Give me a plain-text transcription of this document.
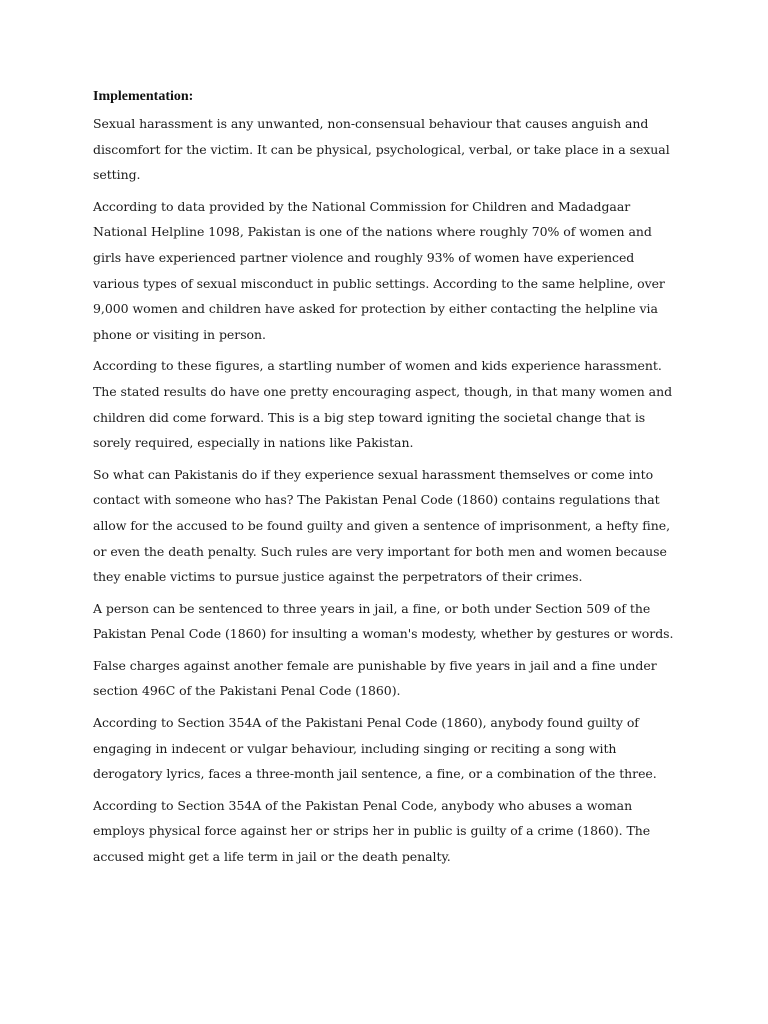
Implementation:

Sexual harassment is any unwanted, non-consensual behaviour that causes anguish and discomfort for the victim. It can be physical, psychological, verbal, or take place in a sexual setting.

According to data provided by the National Commission for Children and Madadgaar National Helpline 1098, Pakistan is one of the nations where roughly 70% of women and girls have experienced partner violence and roughly 93% of women have experienced various types of sexual misconduct in public settings. According to the same helpline, over 9,000 women and children have asked for protection by either contacting the helpline via phone or visiting in person.

According to these figures, a startling number of women and kids experience harassment. The stated results do have one pretty encouraging aspect, though, in that many women and children did come forward. This is a big step toward igniting the societal change that is sorely required, especially in nations like Pakistan.

So what can Pakistanis do if they experience sexual harassment themselves or come into contact with someone who has? The Pakistan Penal Code (1860) contains regulations that allow for the accused to be found guilty and given a sentence of imprisonment, a hefty fine, or even the death penalty. Such rules are very important for both men and women because they enable victims to pursue justice against the perpetrators of their crimes.

A person can be sentenced to three years in jail, a fine, or both under Section 509 of the Pakistan Penal Code (1860) for insulting a woman's modesty, whether by gestures or words.

False charges against another female are punishable by five years in jail and a fine under section 496C of the Pakistani Penal Code (1860).

According to Section 354A of the Pakistani Penal Code (1860), anybody found guilty of engaging in indecent or vulgar behaviour, including singing or reciting a song with derogatory lyrics, faces a three-month jail sentence, a fine, or a combination of the three.

According to Section 354A of the Pakistan Penal Code, anybody who abuses a woman employs physical force against her or strips her in public is guilty of a crime (1860). The accused might get a life term in jail or the death penalty.
